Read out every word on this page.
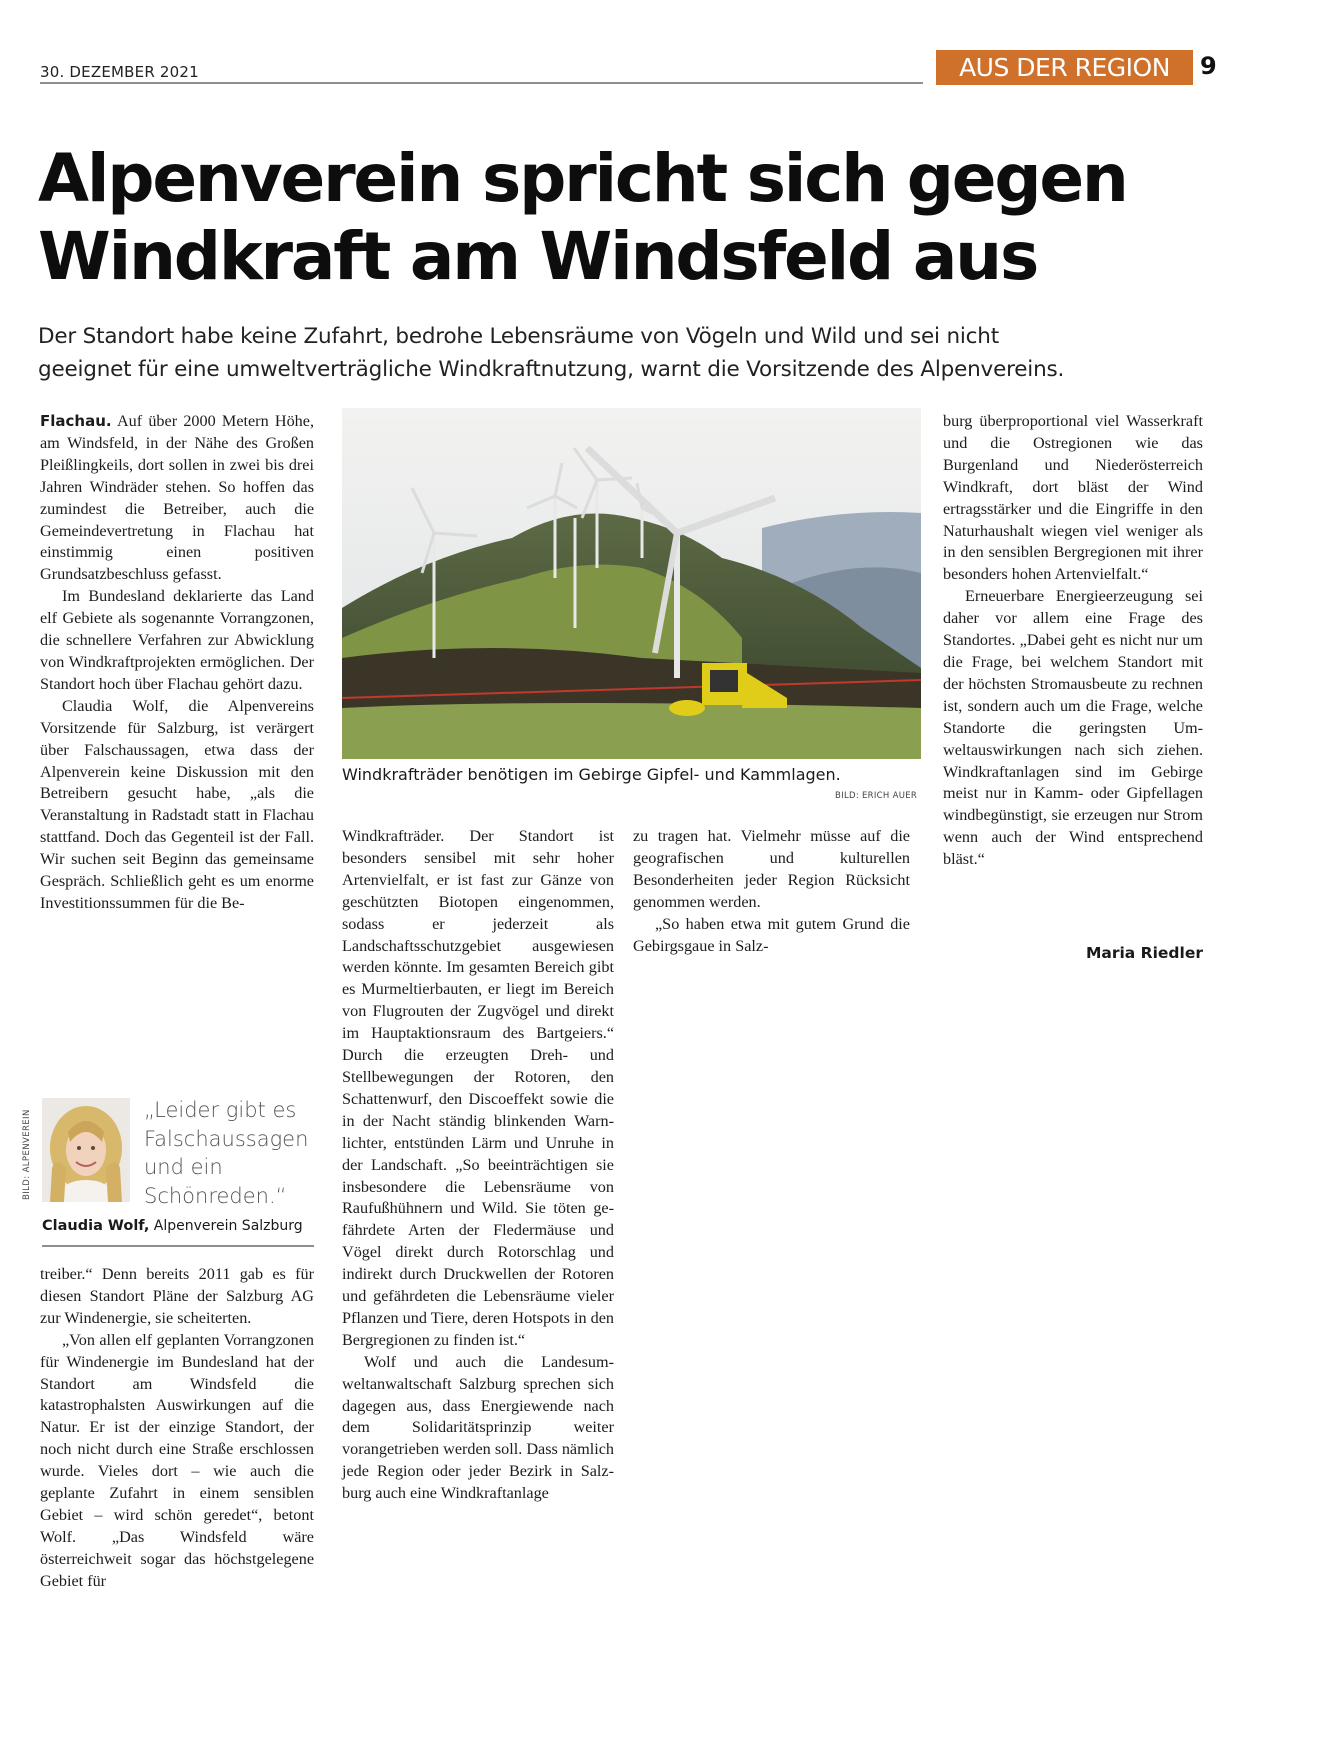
30. DEZEMBER 2021	AUS DER REGION	9
Alpenverein spricht sich gegen
Windkraft am Windsfeld aus
Der Standort habe keine Zufahrt, bedrohe Lebensräume von Vögeln und Wild und sei nicht
geeignet für eine umweltverträgliche Windkraftnutzung, warnt die Vorsitzende des Alpenvereins.

Flachau. Auf über 2000 Metern Höhe, am Windsfeld, in der Nähe des Großen Pleißlingkeils, dort sollen in zwei bis drei Jahren Windräder stehen. So hoffen das zumindest die Betreiber, auch die Gemeindevertretung in Flachau hat einstimmig einen positiven Grundsatzbeschluss gefasst.

Im Bundesland deklarierte das Land elf Gebiete als sogenannte Vorrangzonen, die schnellere Verfahren zur Abwicklung von Windkraftprojekten ermöglichen. Der Standort hoch über Flachau gehört dazu.

Claudia Wolf, die Alpenvereins Vorsitzende für Salzburg, ist verärgert über Falschaussagen, etwa dass der Alpenverein keine Diskussion mit den Betreibern gesucht habe, „als die Veranstaltung in Radstadt statt in Flachau stattfand. Doch das Gegenteil ist der Fall. Wir suchen seit Beginn das gemeinsame Gespräch. Schließlich geht es um enorme Investitionssummen für die Be-

BILD: ALPENVEREIN	„Leider gibt es
Falschaussagen
und ein
Schönreden.“
Claudia Wolf, Alpenverein Salzburg

treiber.“ Denn bereits 2011 gab es für diesen Standort Pläne der Salzburg AG zur Windenergie, sie scheiterten.

„Von allen elf geplanten Vorrangzonen für Windenergie im Bundesland hat der Standort am Windsfeld die katastrophalsten Auswirkungen auf die Natur. Er ist der einzige Standort, der noch nicht durch eine Straße erschlossen wurde. Vieles dort – wie auch die geplante Zufahrt in einem sensiblen Gebiet – wird schön geredet“, betont Wolf. „Das Windsfeld wäre österreichweit sogar das höchstgelegene Gebiet für

Windkrafträder benötigen im Gebirge Gipfel- und Kammlagen.
BILD: ERICH AUER

Windkrafträder. Der Standort ist besonders sensibel mit sehr hoher Artenvielfalt, er ist fast zur Gänze von geschützten Biotopen eingenommen, sodass er jederzeit als Landschaftsschutzgebiet ausgewiesen werden könnte. Im gesamten Bereich gibt es Murmeltierbauten, er liegt im Bereich von Flugrouten der Zugvögel und direkt im Hauptaktionsraum des Bartgeiers.“ Durch die erzeugten Dreh- und Stellbewegungen der Rotoren, den Schattenwurf, den Discoeffekt sowie die in der Nacht ständig blinkenden Warnlichter, entstünden Lärm und Unruhe in der Landschaft. „So beeinträchtigen sie insbesondere die Lebensräume von Raufußhühnern und Wild. Sie töten gefährdete Arten der Fledermäuse und Vögel direkt durch Rotorschlag und indirekt durch Druckwellen der Rotoren und gefährdeten die Lebensräume vieler Pflanzen und Tiere, deren Hotspots in den Bergregionen zu finden ist.“

Wolf und auch die Landesumweltanwaltschaft Salzburg sprechen sich dagegen aus, dass Energiewende nach dem Solidaritätsprinzip weiter vorangetrieben werden soll. Dass nämlich jede Region oder jeder Bezirk in Salzburg auch eine Windkraftanlage

zu tragen hat. Vielmehr müsse auf die geografischen und kulturellen Besonderheiten jeder Region Rücksicht genommen werden.

„So haben etwa mit gutem Grund die Gebirgsgaue in Salz-

burg überproportional viel Wasserkraft und die Ostregionen wie das Burgenland und Niederösterreich Windkraft, dort bläst der Wind ertragsstärker und die Eingriffe in den Naturhaushalt wiegen viel weniger als in den sensiblen Bergregionen mit ihrer besonders hohen Artenvielfalt.“

Erneuerbare Energieerzeugung sei daher vor allem eine Frage des Standortes. „Dabei geht es nicht nur um die Frage, bei welchem Standort mit der höchsten Stromausbeute zu rechnen ist, sondern auch um die Frage, welche Standorte die geringsten Umweltauswirkungen nach sich ziehen. Windkraftanlagen sind im Gebirge meist nur in Kamm- oder Gipfellagen windbegünstigt, sie erzeugen nur Strom wenn auch der Wind entsprechend bläst.“

Maria Riedler
